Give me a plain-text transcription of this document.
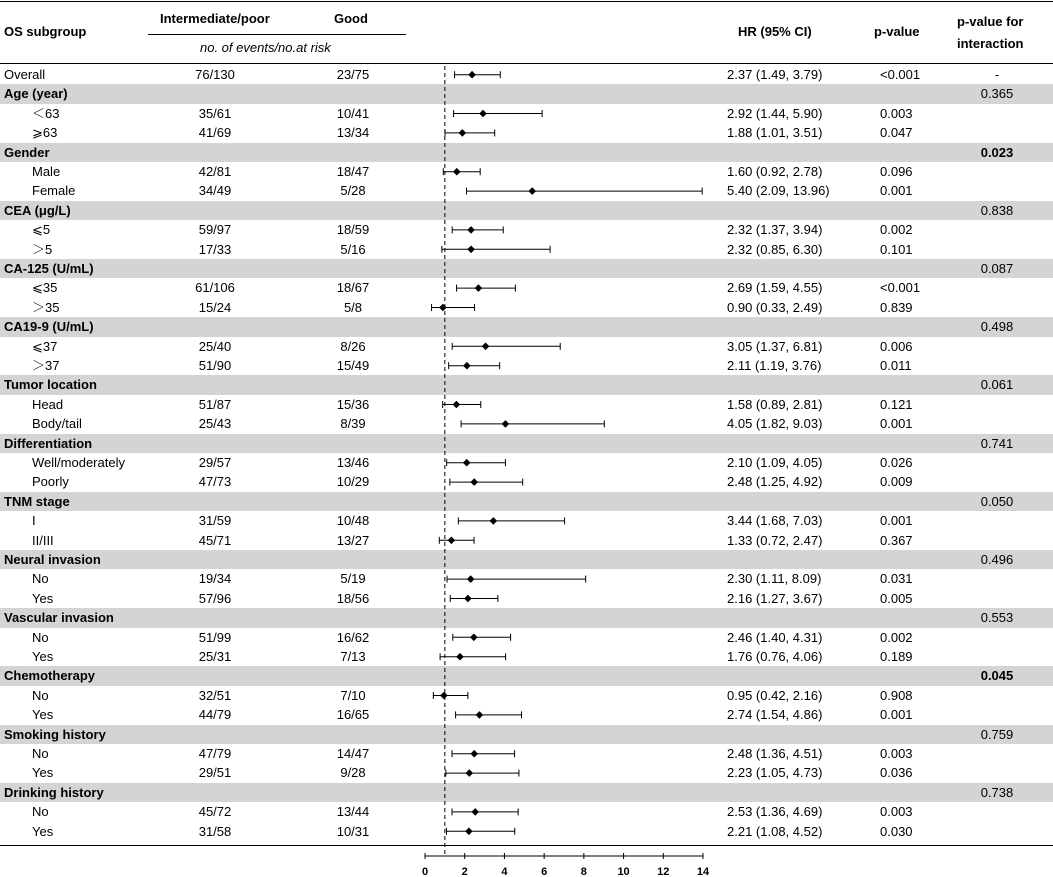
OS subgroup
Intermediate/poor	Good
no. of events/no.at risk
HR (95% CI)	p-value
p-value for
interaction
Overall	76/130	23/75	2.37 (1.49, 3.79)	<0.001	-
Age (year)	0.365
＜63	35/61	10/41	2.92 (1.44, 5.90)	0.003
⩾63	41/69	13/34	1.88 (1.01, 3.51)	0.047
Gender	0.023
Male	42/81	18/47	1.60 (0.92, 2.78)	0.096
Female	34/49	5/28	5.40 (2.09, 13.96)	0.001
CEA (μg/L)	0.838
⩽5	59/97	18/59	2.32 (1.37, 3.94)	0.002
＞5	17/33	5/16	2.32 (0.85, 6.30)	0.101
CA-125 (U/mL)	0.087
⩽35	61/106	18/67	2.69 (1.59, 4.55)	<0.001
＞35	15/24	5/8	0.90 (0.33, 2.49)	0.839
CA19-9 (U/mL)	0.498
⩽37	25/40	8/26	3.05 (1.37, 6.81)	0.006
＞37	51/90	15/49	2.11 (1.19, 3.76)	0.011
Tumor location	0.061
Head	51/87	15/36	1.58 (0.89, 2.81)	0.121
Body/tail	25/43	8/39	4.05 (1.82, 9.03)	0.001
Differentiation	0.741
Well/moderately	29/57	13/46	2.10 (1.09, 4.05)	0.026
Poorly	47/73	10/29	2.48 (1.25, 4.92)	0.009
TNM stage	0.050
I	31/59	10/48	3.44 (1.68, 7.03)	0.001
II/III	45/71	13/27	1.33 (0.72, 2.47)	0.367
Neural invasion	0.496
No	19/34	5/19	2.30 (1.11, 8.09)	0.031
Yes	57/96	18/56	2.16 (1.27, 3.67)	0.005
Vascular invasion	0.553
No	51/99	16/62	2.46 (1.40, 4.31)	0.002
Yes	25/31	7/13	1.76 (0.76, 4.06)	0.189
Chemotherapy	0.045
No	32/51	7/10	0.95 (0.42, 2.16)	0.908
Yes	44/79	16/65	2.74 (1.54, 4.86)	0.001
Smoking history	0.759
No	47/79	14/47	2.48 (1.36, 4.51)	0.003
Yes	29/51	9/28	2.23 (1.05, 4.73)	0.036
Drinking history	0.738
No	45/72	13/44	2.53 (1.36, 4.69)	0.003
Yes	31/58	10/31	2.21 (1.08, 4.52)	0.030
0	2	4	6	8	10 12 14
